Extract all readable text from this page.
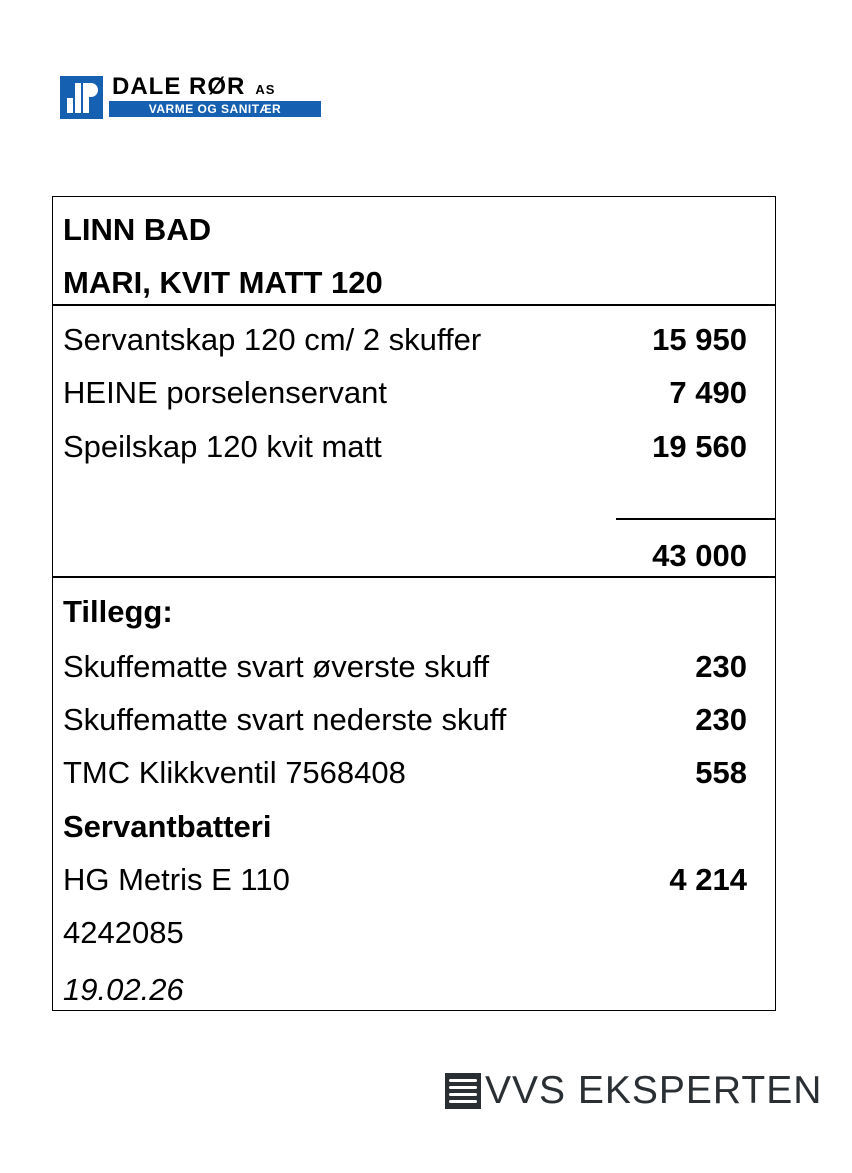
DALE RØR AS
VARME OG SANITÆR
LINN BAD
MARI, KVIT MATT 120
Servantskap 120 cm/ 2 skuffer	15 950
HEINE porselenservant	7 490
Speilskap 120 kvit matt	19 560
43 000
Tillegg:
Skuffematte svart øverste skuff	230
Skuffematte svart nederste skuff	230
TMC Klikkventil 7568408	558
Servantbatteri
HG Metris E 110	4 214
4242085
19.02.26
VVS EKSPERTEN
